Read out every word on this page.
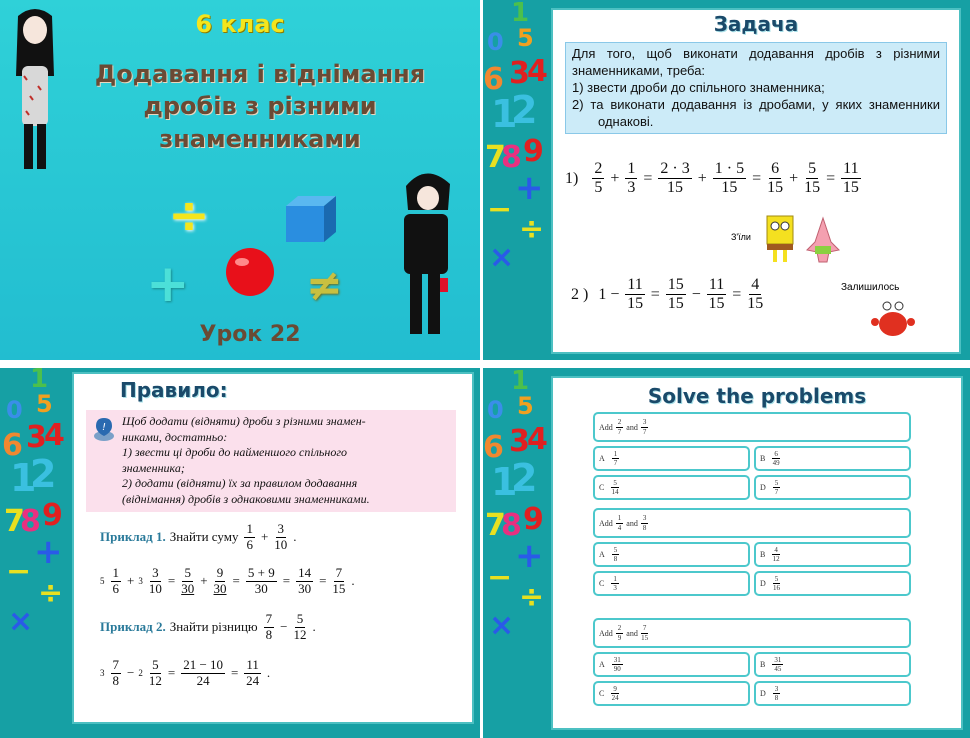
6 клас
Додавання і віднімання
дробів з різними
знаменниками
÷
+	≠
Урок 22
1
0 5
6 3
4
1
2
7
8 9
+
−
÷
×
Задача

Для того, щоб виконати додавання дробів з різними знаменниками, треба:

1) звести дроби до спільного знаменника;

2) та виконати додавання із дробами, у яких знаменники однакові.

$1) \frac{2}{5} + \frac{1}{3} = \frac{2 \cdot 3}{15} + \frac{1 \cdot 5}{15} = \frac{6}{15} + \frac{5}{15} = \frac{11}{15}$
З'їли
2 ) $1 - \frac{11}{15} = \frac{15}{15} - \frac{11}{15} = \frac{4}{15}$	Залишилось
1
0 5
6 3
4
1
2
7
8 9
+
−
÷
×
Правило:
! Щоб додати (відняти) дроби з різними знамен-
никами, достатньо:
1) звести ці дроби до найменшого спільного
знаменника;
2) додати (відняти) їх за правилом додавання
(віднімання) дробів з однаковими знаменниками.
Приклад 1. Знайти суму $\frac{1}{6} + \frac{3}{10}$ .
$5 \frac{1}{6} + 3 \frac{3}{10} = \frac{5}{30} + \frac{9}{30} = \frac{5 + 9}{30} = \frac{14}{30} = \frac{7}{15}$ .
Приклад 2. Знайти різницю $\frac{7}{8} - \frac{5}{12}$ .
$3 \frac{7}{8} - 2 \frac{5}{12} = \frac{21 - 10}{24} = \frac{11}{24}$ .
1
0 5
6 3
4
1
2
7
8 9
+
−
÷
×
Solve the problems
Add $\frac{2}{7}$ and $\frac{3}{7}$
A $\frac{1}{7}$	B $\frac{6}{49}$
C $\frac{5}{14}$	D $\frac{5}{7}$
Add $\frac{1}{4}$ and $\frac{3}{8}$
A $\frac{5}{8}$	B $\frac{4}{12}$
C $\frac{1}{3}$	D $\frac{5}{16}$
Add $\frac{2}{9}$ and $\frac{7}{15}$
A $\frac{31}{90}$	B $\frac{31}{45}$
C $\frac{9}{24}$	D $\frac{3}{8}$
